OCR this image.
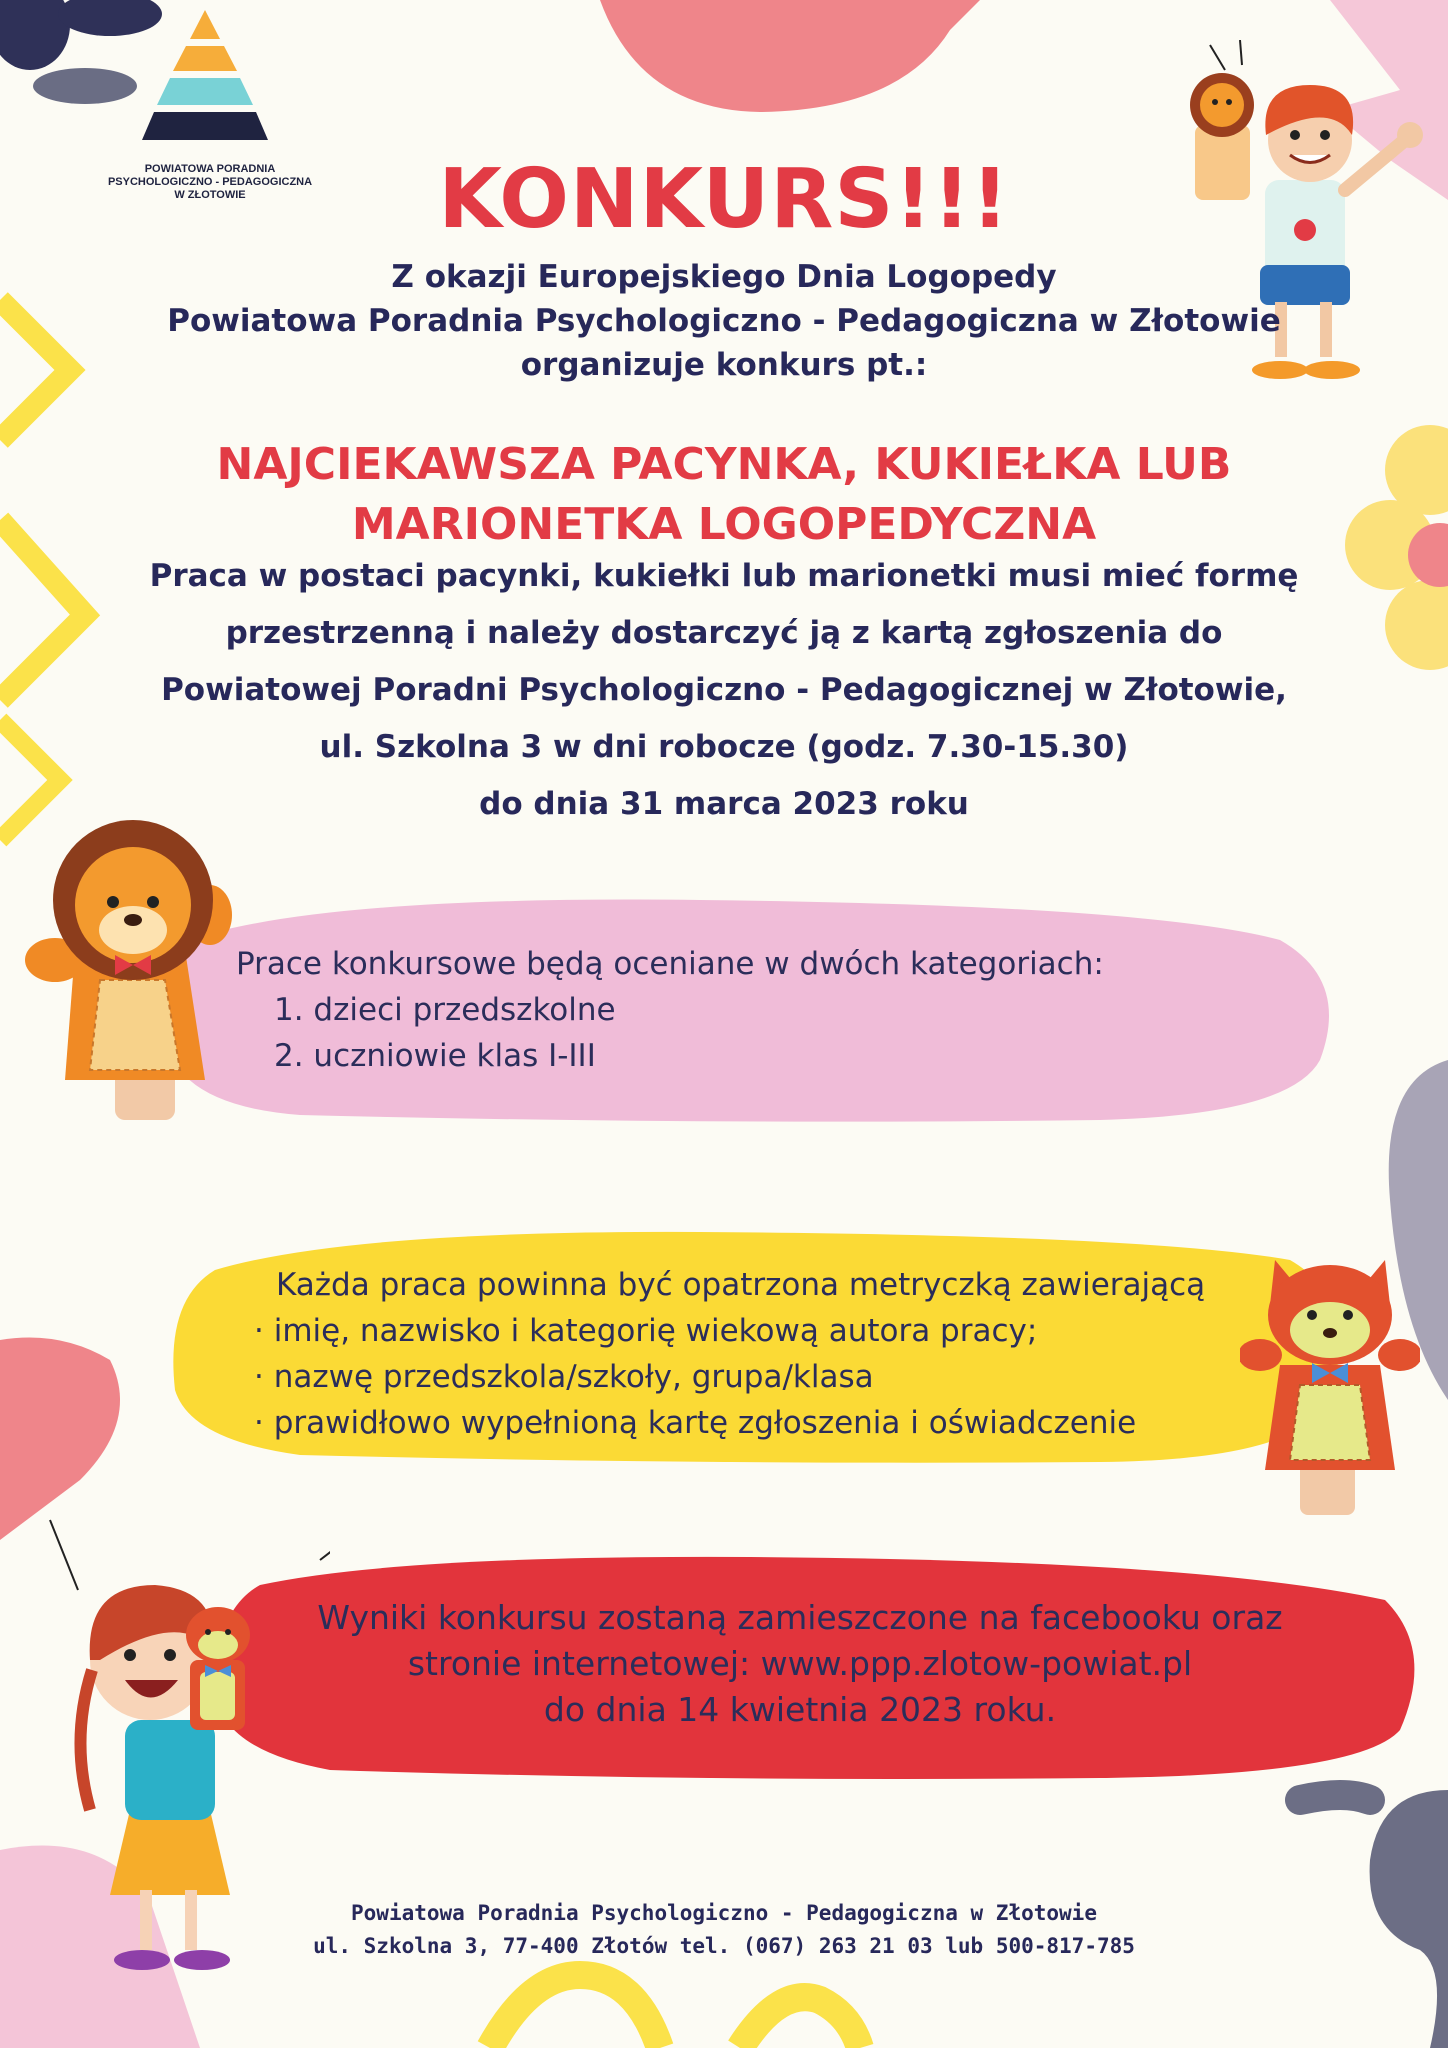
POWIATOWA PORADNIA
PSYCHOLOGICZNO - PEDAGOGICZNA
W ZŁOTOWIE	KONKURS!!!
Z okazji Europejskiego Dnia Logopedy
Powiatowa Poradnia Psychologiczno - Pedagogiczna w Złotowie
organizuje konkurs pt.:
NAJCIEKAWSZA PACYNKA, KUKIEŁKA LUB
MARIONETKA LOGOPEDYCZNA
Praca w postaci pacynki, kukiełki lub marionetki musi mieć formę
przestrzenną i należy dostarczyć ją z kartą zgłoszenia do
Powiatowej Poradni Psychologiczno - Pedagogicznej w Złotowie,
ul. Szkolna 3 w dni robocze (godz. 7.30-15.30)
do dnia 31 marca 2023 roku
Prace konkursowe będą oceniane w dwóch kategoriach:
1. dzieci przedszkolne
2. uczniowie klas I-III
Każda praca powinna być opatrzona metryczką zawierającą
· imię, nazwisko i kategorię wiekową autora pracy;
· nazwę przedszkola/szkoły, grupa/klasa
· prawidłowo wypełnioną kartę zgłoszenia i oświadczenie
Wyniki konkursu zostaną zamieszczone na facebooku oraz
stronie internetowej: www.ppp.zlotow-powiat.pl
do dnia 14 kwietnia 2023 roku.
Powiatowa Poradnia Psychologiczno - Pedagogiczna w Złotowie
ul. Szkolna 3, 77-400 Złotów tel. (067) 263 21 03 lub 500-817-785
